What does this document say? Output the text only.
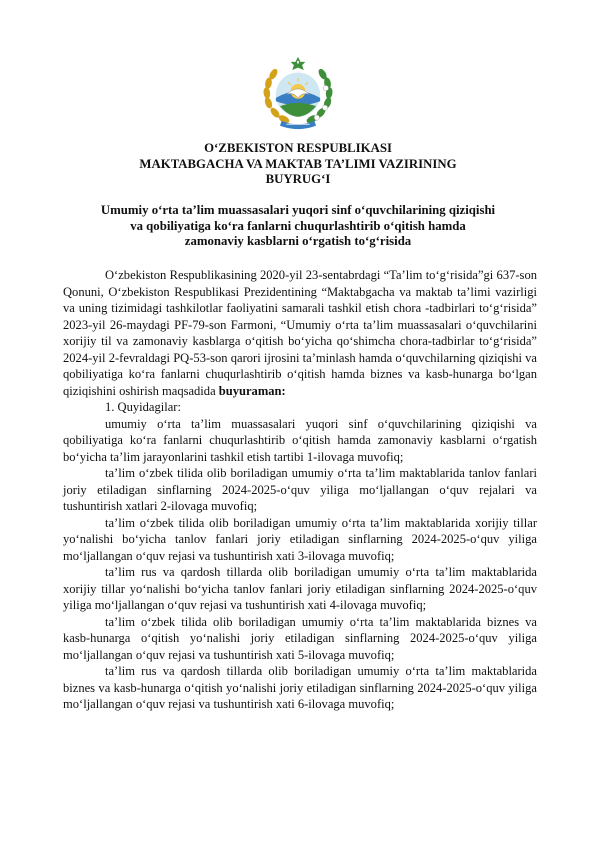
O‘ZBEKISTON RESPUBLIKASI
MAKTABGACHA VA MAKTAB TA’LIMI VAZIRINING
BUYRUG‘I
Umumiy o‘rta ta’lim muassasalari yuqori sinf o‘quvchilarining qiziqishi
va qobiliyatiga ko‘ra fanlarni chuqurlashtirib o‘qitish hamda
zamonaviy kasblarni o‘rgatish to‘g‘risida

O‘zbekiston Respublikasining 2020-yil 23-sentabrdagi “Ta’lim to‘g‘risida”gi 637-son Qonuni, O‘zbekiston Respublikasi Prezidentining “Maktabgacha va maktab ta’limi vazirligi va uning tizimidagi tashkilotlar faoliyatini samarali tashkil etish chora -tadbirlari to‘g‘risida” 2023-yil 26-maydagi PF-79-son Farmoni, “Umumiy o‘rta ta’lim muassasalari o‘quvchilarini xorijiy til va zamonaviy kasblarga o‘qitish bo‘yicha qo‘shimcha chora-tadbirlar to‘g‘risida” 2024-yil 2-fevraldagi PQ-53-son qarori ijrosini ta’minlash hamda o‘quvchilarning qiziqishi va qobiliyatiga ko‘ra fanlarni chuqurlashtirib o‘qitish hamda biznes va kasb-hunarga bo‘lgan qiziqishini oshirish maqsadida buyuraman:

1. Quyidagilar:

umumiy o‘rta ta’lim muassasalari yuqori sinf o‘quvchilarining qiziqishi va qobiliyatiga ko‘ra fanlarni chuqurlashtirib o‘qitish hamda zamonaviy kasblarni o‘rgatish bo‘yicha ta’lim jarayonlarini tashkil etish tartibi 1-ilovaga muvofiq;

ta’lim o‘zbek tilida olib boriladigan umumiy o‘rta ta’lim maktablarida tanlov fanlari joriy etiladigan sinflarning 2024-2025-o‘quv yiliga mo‘ljallangan o‘quv rejalari va tushuntirish xatlari 2-ilovaga muvofiq;

ta’lim o‘zbek tilida olib boriladigan umumiy o‘rta ta’lim maktablarida xorijiy tillar yo‘nalishi bo‘yicha tanlov fanlari joriy etiladigan sinflarning 2024-2025-o‘quv yiliga mo‘ljallangan o‘quv rejasi va tushuntirish xati 3-ilovaga muvofiq;

ta’lim rus va qardosh tillarda olib boriladigan umumiy o‘rta ta’lim maktablarida xorijiy tillar yo‘nalishi bo‘yicha tanlov fanlari joriy etiladigan sinflarning 2024-2025-o‘quv yiliga mo‘ljallangan o‘quv rejasi va tushuntirish xati 4-ilovaga muvofiq;

ta’lim o‘zbek tilida olib boriladigan umumiy o‘rta ta’lim maktablarida biznes va kasb-hunarga o‘qitish yo‘nalishi joriy etiladigan sinflarning 2024-2025-o‘quv yiliga mo‘ljallangan o‘quv rejasi va tushuntirish xati 5-ilovaga muvofiq;

ta’lim rus va qardosh tillarda olib boriladigan umumiy o‘rta ta’lim maktablarida biznes va kasb-hunarga o‘qitish yo‘nalishi joriy etiladigan sinflarning 2024-2025-o‘quv yiliga mo‘ljallangan o‘quv rejasi va tushuntirish xati 6-ilovaga muvofiq;
